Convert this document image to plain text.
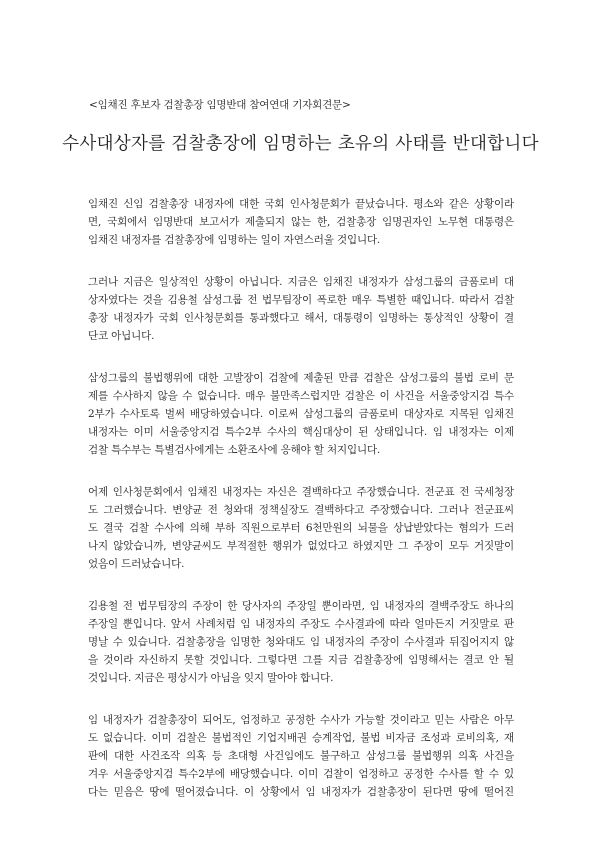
<임채진 후보자 검찰총장 임명반대 참여연대 기자회견문>
수사대상자를 검찰총장에 임명하는 초유의 사태를 반대합니다
임채진 신임 검찰총장 내정자에 대한 국회 인사청문회가 끝났습니다. 평소와 같은 상황이라
면, 국회에서 임명반대 보고서가 제출되지 않는 한, 검찰총장 임명권자인 노무현 대통령은
임채진 내정자를 검찰총장에 임명하는 일이 자연스러울 것입니다.
그러나 지금은 일상적인 상황이 아닙니다. 지금은 임채진 내정자가 삼성그룹의 금품로비 대
상자였다는 것을 김용철 삼성그룹 전 법무팀장이 폭로한 매우 특별한 때입니다. 따라서 검찰
총장 내정자가 국회 인사청문회를 통과했다고 해서, 대통령이 임명하는 통상적인 상황이 결
단코 아닙니다.
삼성그룹의 불법행위에 대한 고발장이 검찰에 제출된 만큼 검찰은 삼성그룹의 불법 로비 문
제를 수사하지 않을 수 없습니다. 매우 불만족스럽지만 검찰은 이 사건을 서울중앙지검 특수
2부가 수사토록 벌써 배당하였습니다. 이로써 삼성그룹의 금품로비 대상자로 지목된 임채진
내정자는 이미 서울중앙지검 특수2부 수사의 핵심대상이 된 상태입니다. 임 내정자는 이제
검찰 특수부는 특별검사에게는 소환조사에 응해야 할 처지입니다.
어제 인사청문회에서 임채진 내정자는 자신은 결백하다고 주장했습니다. 전군표 전 국세청장
도 그러했습니다. 변양균 전 청와대 정책실장도 결백하다고 주장했습니다. 그러나 전군표씨
도 결국 검찰 수사에 의해 부하 직원으로부터 6천만원의 뇌물을 상납받았다는 혐의가 드러
나지 않았습니까, 변양균씨도 부적절한 행위가 없었다고 하였지만 그 주장이 모두 거짓말이
었음이 드러났습니다.
김용철 전 법무팀장의 주장이 한 당사자의 주장일 뿐이라면, 임 내정자의 결백주장도 하나의
주장일 뿐입니다. 앞서 사례처럼 임 내정자의 주장도 수사결과에 따라 얼마든지 거짓말로 판
명날 수 있습니다. 검찰총장을 임명한 청와대도 임 내정자의 주장이 수사결과 뒤집어지지 않
을 것이라 자신하지 못할 것입니다. 그렇다면 그를 지금 검찰총장에 임명해서는 결코 안 될
것입니다. 지금은 평상시가 아님을 잊지 말아야 합니다.
임 내정자가 검찰총장이 되어도, 엄정하고 공정한 수사가 가능할 것이라고 믿는 사람은 아무
도 없습니다. 이미 검찰은 불법적인 기업지배권 승계작업, 불법 비자금 조성과 로비의혹, 재
판에 대한 사건조작 의혹 등 초대형 사건임에도 불구하고 삼성그룹 불법행위 의혹 사건을
겨우 서울중앙지검 특수2부에 배당했습니다. 이미 검찰이 엄정하고 공정한 수사를 할 수 있
다는 믿음은 땅에 떨어졌습니다. 이 상황에서 임 내정자가 검찰총장이 된다면 땅에 떨어진
